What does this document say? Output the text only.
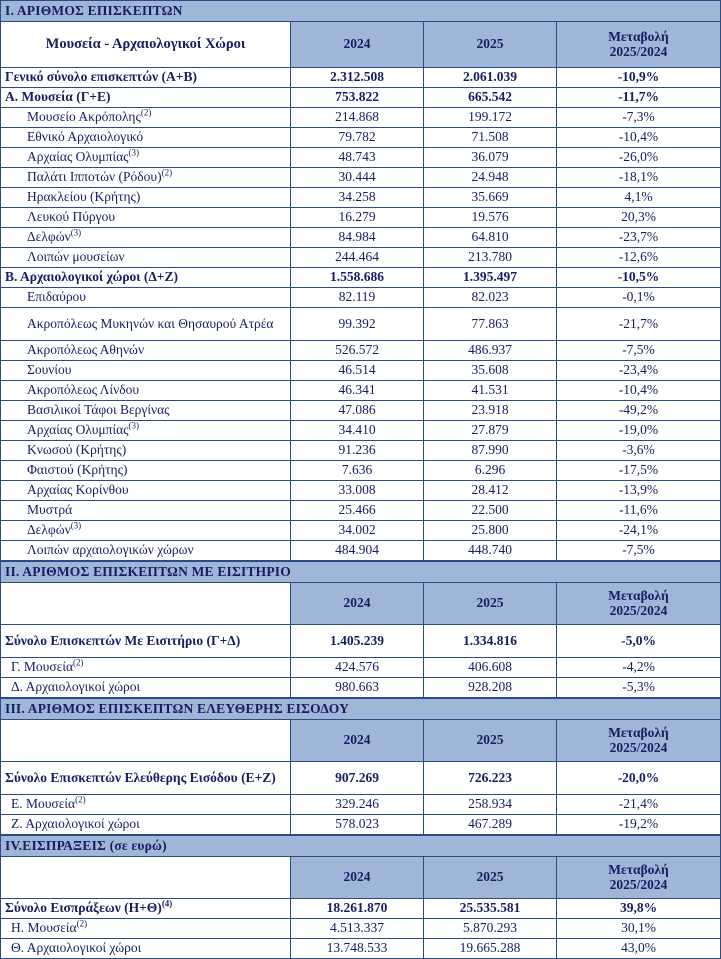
Ι. ΑΡΙΘΜΟΣ ΕΠΙΣΚΕΠΤΩΝ			
Μουσεία - Αρχαιολογικοί Χώροι	2024	2025	Μεταβολή
2025/2024

Γενικό σύνολο επισκεπτών (Α+Β)	2.312.508	2.061.039	-10,9%
Α. Μουσεία (Γ+Ε)	753.822	665.542	-11,7%
Μουσείο Ακρόπολης$^{(2)}$	214.868	199.172	-7,3%
Εθνικό Αρχαιολογικό	79.782	71.508	-10,4%
Αρχαίας Ολυμπίας$^{(3)}$	48.743	36.079	-26,0%
Παλάτι Ιπποτών $(Pό\delta o\upsilon)^{(2)}$	30.444	24.948	-18,1%
Ηρακλείου (Κρήτης)	34.258	35.669	4,1%
Λευκού Πύργου	16.279	19.576	20,3%
Δελφών$^{(3)}$	84.984	64.810	-23,7%
Λοιπών μουσείων	244.464	213.780	-12,6%
Β. Αρχαιολογικοί χώροι (Δ+Ζ)	1.558.686	1.395.497	-10,5%
Επιδαύρου	82.119	82.023	-0,1%
Ακροπόλεως Μυκηνών και Θησαυρού Ατρέα	99.392	77.863	-21,7%
Ακροπόλεως Αθηνών	526.572	486.937	-7,5%
Σουνίου	46.514	35.608	-23,4%
Ακροπόλεως Λίνδου	46.341	41.531	-10,4%
Βασιλικοί Τάφοι Βεργίνας	47.086	23.918	-49,2%
Αρχαίας Ολυμπίας$^{(3)}$	34.410	27.879	-19,0%
Κνωσού (Κρήτης)	91.236	87.990	-3,6%
Φαιστού (Κρήτης)	7.636	6.296	-17,5%
Αρχαίας Κορίνθου	33.008	28.412	-13,9%
Μυστρά	25.466	22.500	-11,6%
Δελφών$^{(3)}$	34.002	25.800	-24,1%
Λοιπών αρχαιολογικών χώρων	484.904	448.740	-7,5%
ΙΙ. ΑΡΙΘΜΟΣ ΕΠΙΣΚΕΠΤΩΝ ΜΕ ΕΙΣΙΤΗΡΙΟ			
	2024	2025	Μεταβολή
2025/2024

Σύνολο Επισκεπτών Με Εισιτήριο (Γ+Δ)	1.405.239	1.334.816	-5,0%
Γ. Μουσεία$^{(2)}$	424.576	406.608	-4,2%
Δ. Αρχαιολογικοί χώροι	980.663	928.208	-5,3%
ΙΙΙ. ΑΡΙΘΜΟΣ ΕΠΙΣΚΕΠΤΩΝ ΕΛΕΥΘΕΡΗΣ ΕΙΣΟΔΟΥ			
	2024	2025	Μεταβολή
2025/2024

Σύνολο Επισκεπτών Ελεύθερης Εισόδου (Ε+Ζ)	907.269	726.223	-20,0%
Ε. Μουσεία$^{(2)}$	329.246	258.934	-21,4%
Ζ. Αρχαιολογικοί χώροι	578.023	467.289	-19,2%
ΙV.ΕΙΣΠΡΑΞΕΙΣ (σε ευρώ)			
	2024	2025	Μεταβολή
2025/2024

Σύνολο Εισπράξεων $(H+\Theta)^{(4)}$	18.261.870	25.535.581	39,8%
Η. Μουσεία$^{(2)}$	4.513.337	5.870.293	30,1%
Θ. Αρχαιολογικοί χώροι	13.748.533	19.665.288	43,0%
